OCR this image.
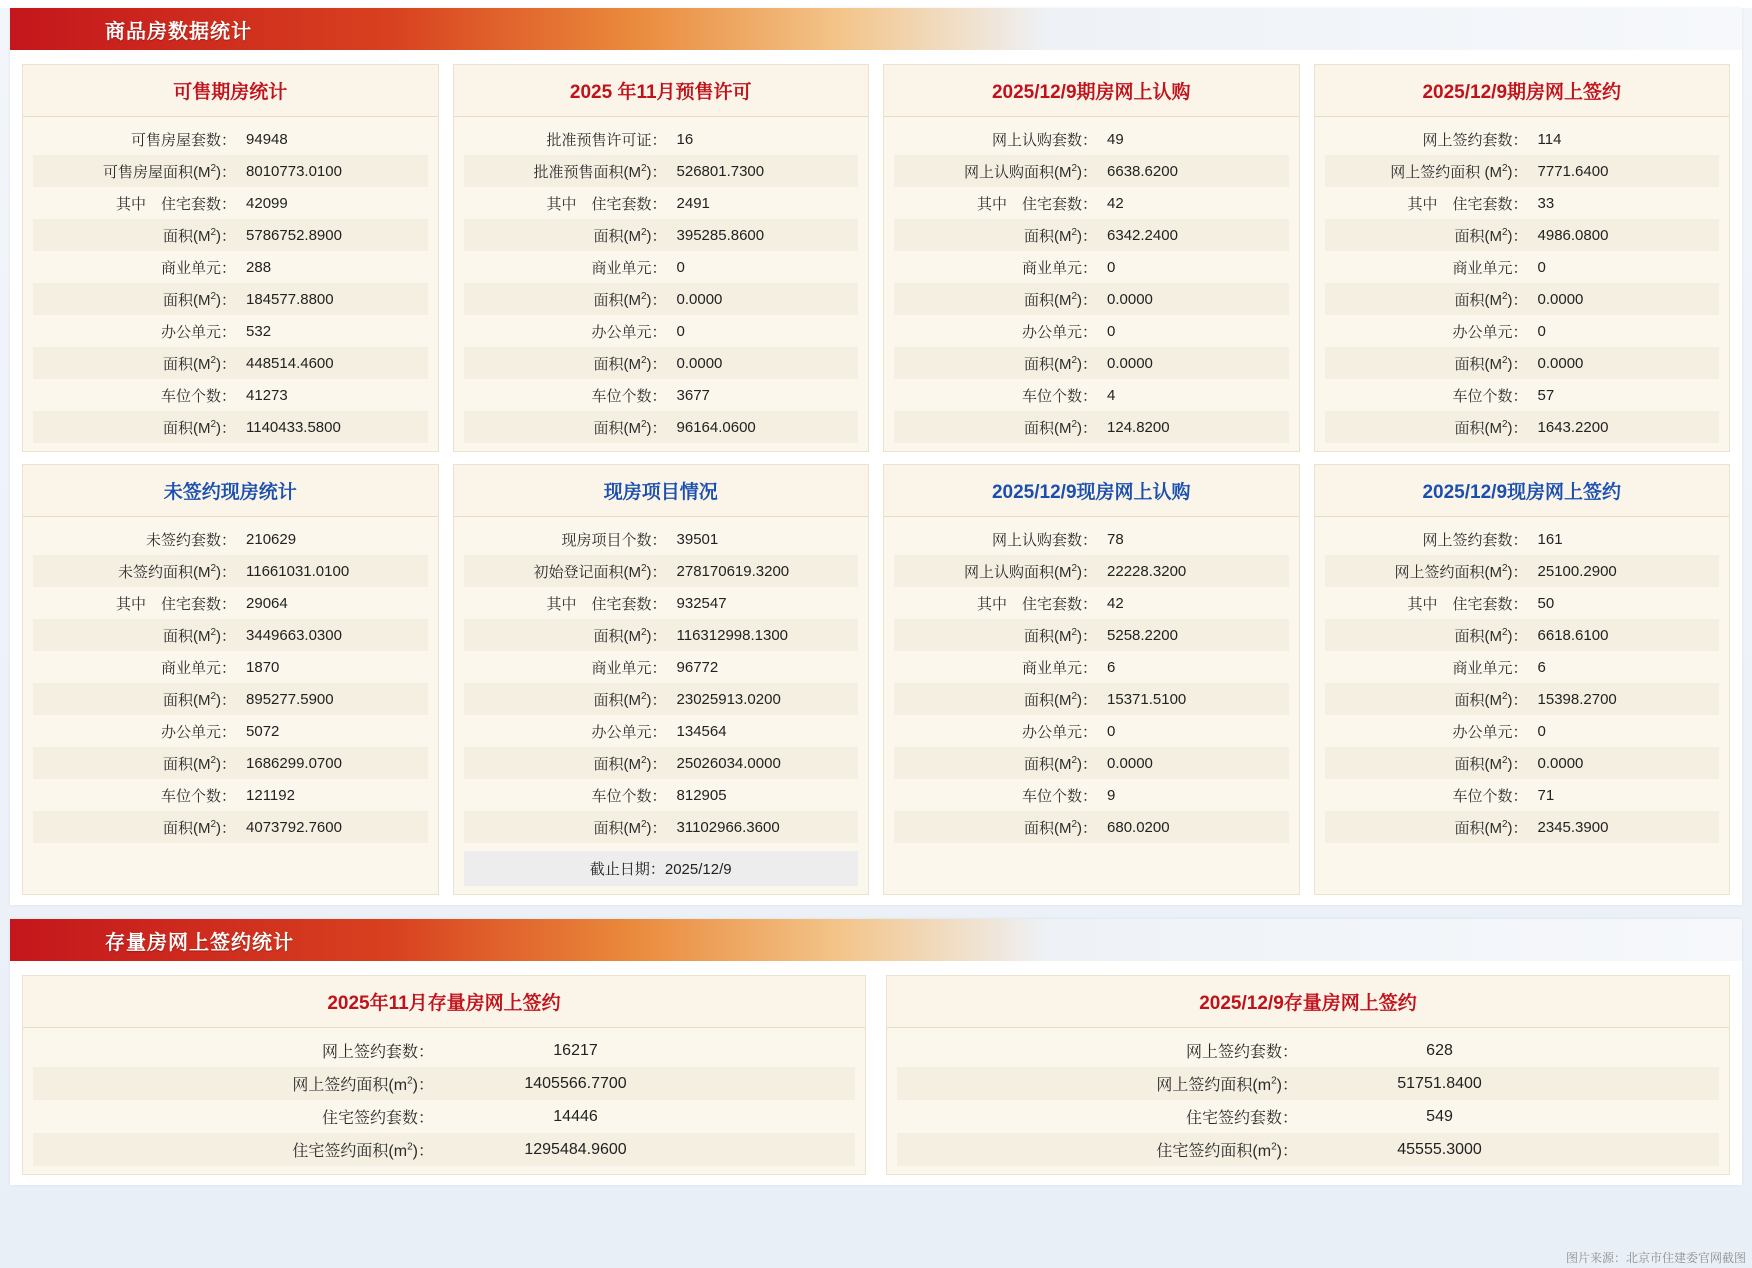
商品房数据统计
可售期房统计
可售房屋套数： 94948
可售房屋面积$(M^2)$： 8010773.0100
其中　住宅套数： 42099
面积$(M^2)$： 5786752.8900
商业单元： 288
面积$(M^2)$： 184577.8800
办公单元： 532
面积$(M^2)$： 448514.4600
车位个数： 41273
面积$(M^2)$： 1140433.5800
2025 年11月预售许可
批准预售许可证： 16
批准预售面积$(M^2)$： 526801.7300
其中　住宅套数： 2491
面积$(M^2)$： 395285.8600
商业单元： 0
面积$(M^2)$： 0.0000
办公单元： 0
面积$(M^2)$： 0.0000
车位个数： 3677
面积$(M^2)$： 96164.0600
2025/12/9期房网上认购
网上认购套数： 49
网上认购面积$(M^2)$： 6638.6200
其中　住宅套数： 42
面积$(M^2)$： 6342.2400
商业单元： 0
面积$(M^2)$： 0.0000
办公单元： 0
面积$(M^2)$： 0.0000
车位个数： 4
面积$(M^2)$： 124.8200
2025/12/9期房网上签约
网上签约套数： 114
网上签约面积 $(M^2)$： 7771.6400
其中　住宅套数： 33
面积$(M^2)$： 4986.0800
商业单元： 0
面积$(M^2)$： 0.0000
办公单元： 0
面积$(M^2)$： 0.0000
车位个数： 57
面积$(M^2)$： 1643.2200
未签约现房统计
未签约套数： 210629
未签约面积$(M^2)$： 11661031.0100
其中　住宅套数： 29064
面积$(M^2)$： 3449663.0300
商业单元： 1870
面积$(M^2)$： 895277.5900
办公单元： 5072
面积$(M^2)$： 1686299.0700
车位个数： 121192
面积$(M^2)$： 4073792.7600
现房项目情况
现房项目个数： 39501
初始登记面积$(M^2)$： 278170619.3200
其中　住宅套数： 932547
面积$(M^2)$： 116312998.1300
商业单元： 96772
面积$(M^2)$： 23025913.0200
办公单元： 134564
面积$(M^2)$： 25026034.0000
车位个数： 812905
面积$(M^2)$： 31102966.3600
截止日期：2025/12/9
2025/12/9现房网上认购
网上认购套数： 78
网上认购面积$(M^2)$： 22228.3200
其中　住宅套数： 42
面积$(M^2)$： 5258.2200
商业单元： 6
面积$(M^2)$： 15371.5100
办公单元： 0
面积$(M^2)$： 0.0000
车位个数： 9
面积$(M^2)$： 680.0200
2025/12/9现房网上签约
网上签约套数： 161
网上签约面积$(M^2)$： 25100.2900
其中　住宅套数： 50
面积$(M^2)$： 6618.6100
商业单元： 6
面积$(M^2)$： 15398.2700
办公单元： 0
面积$(M^2)$： 0.0000
车位个数： 71
面积$(M^2)$： 2345.3900
存量房网上签约统计
2025年11月存量房网上签约
网上签约套数：	16217
网上签约面积$(m^2)$：	1405566.7700
住宅签约套数：	14446
住宅签约面积$(m^2)$：	1295484.9600
2025/12/9存量房网上签约
网上签约套数：	628
网上签约面积$(m^2)$：	51751.8400
住宅签约套数：	549
住宅签约面积$(m^2)$：	45555.3000
图片来源：北京市住建委官网截图
